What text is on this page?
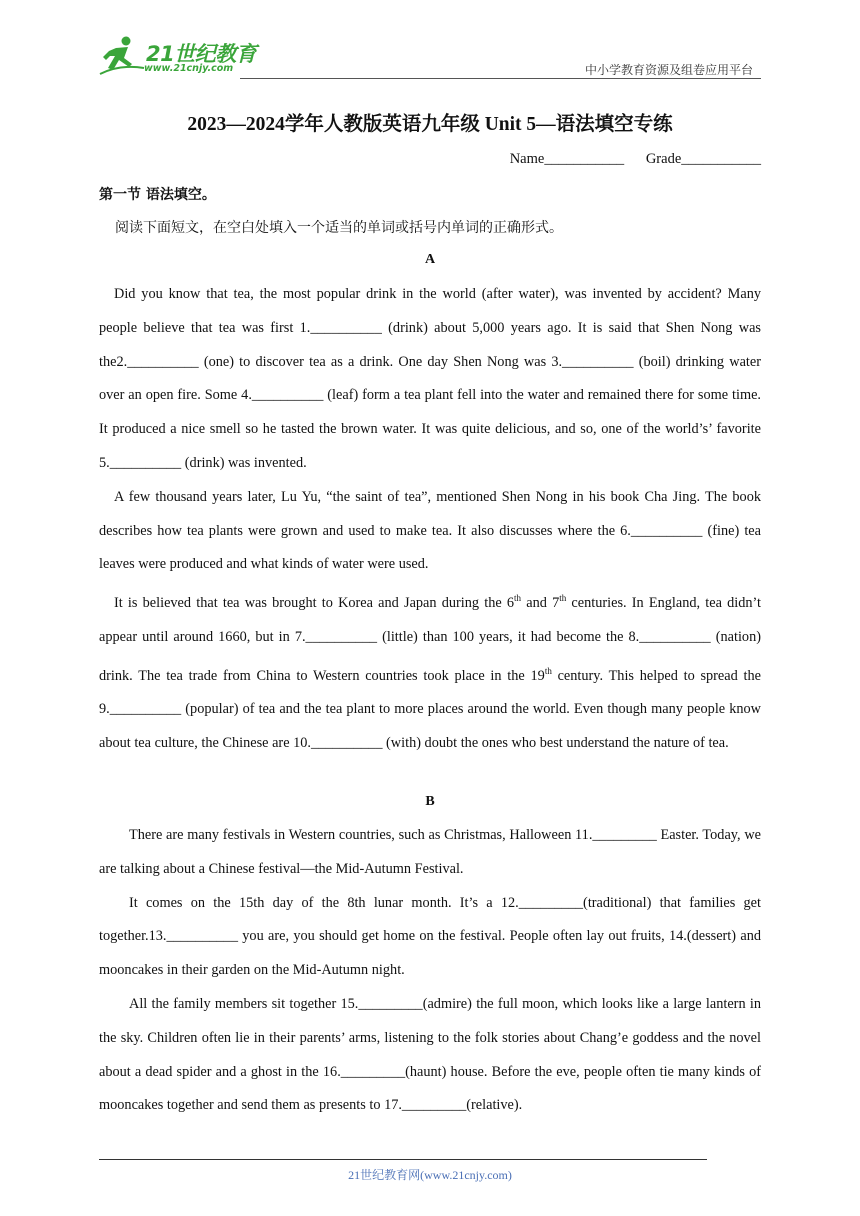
21世纪教育
www.21cnjy.com	中小学教育资源及组卷应用平台
2023—2024学年人教版英语九年级 Unit 5—语法填空专练
Name___________ Grade___________
第一节 语法填空。
阅读下面短文，在空白处填入一个适当的单词或括号内单词的正确形式。
A

Did you know that tea, the most popular drink in the world (after water), was invented by accident? Many people believe that tea was first 1.__________ (drink) about 5,000 years ago. It is said that Shen Nong was the2.__________ (one) to discover tea as a drink. One day Shen Nong was 3.__________ (boil) drinking water over an open fire. Some 4.__________ (leaf) form a tea plant fell into the water and remained there for some time. It produced a nice smell so he tasted the brown water. It was quite delicious, and so, one of the world’s’ favorite 5.__________ (drink) was invented.

A few thousand years later, Lu Yu, “the saint of tea”, mentioned Shen Nong in his book Cha Jing. The book describes how tea plants were grown and used to make tea. It also discusses where the 6.__________ (fine) tea leaves were produced and what kinds of water were used.

It is believed that tea was brought to Korea and Japan during the 6th and 7th centuries. In England, tea didn’t appear until around 1660, but in 7.__________ (little) than 100 years, it had become the 8.__________ (nation) drink. The tea trade from China to Western countries took place in the 19th century. This helped to spread the 9.__________ (popular) of tea and the tea plant to more places around the world. Even though many people know about tea culture, the Chinese are 10.__________ (with) doubt the ones who best understand the nature of tea.

B

There are many festivals in Western countries, such as Christmas, Halloween 11._________ Easter. Today, we are talking about a Chinese festival—the Mid-Autumn Festival.

It comes on the 15th day of the 8th lunar month. It’s a 12._________(traditional) that families get together.13.__________ you are, you should get home on the festival. People often lay out fruits, 14.(dessert) and mooncakes in their garden on the Mid-Autumn night.

All the family members sit together 15._________(admire) the full moon, which looks like a large lantern in the sky. Children often lie in their parents’ arms, listening to the folk stories about Chang’e goddess and the novel about a dead spider and a ghost in the 16._________(haunt) house. Before the eve, people often tie many kinds of mooncakes together and send them as presents to 17._________(relative).

21世纪教育网(www.21cnjy.com)
